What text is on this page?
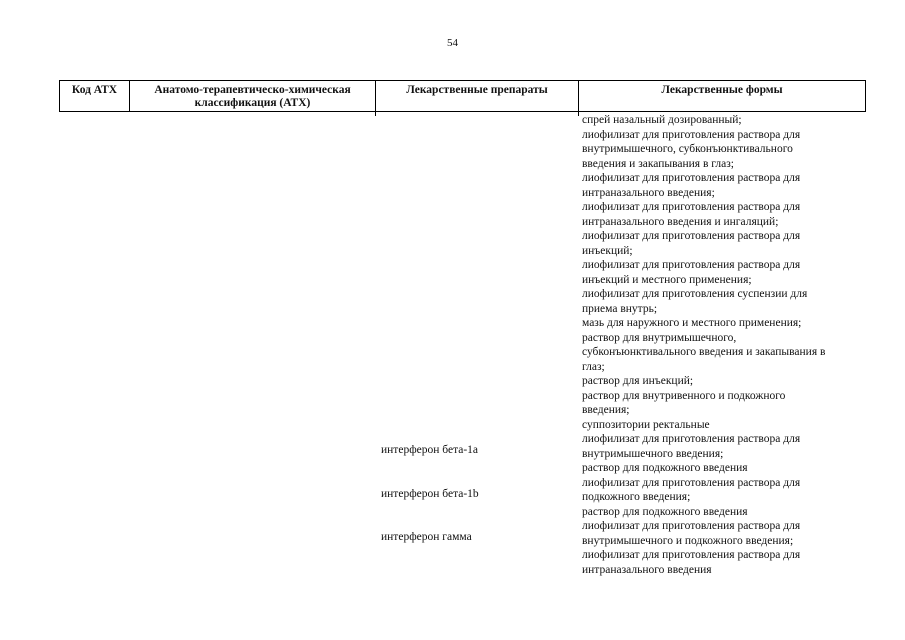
54
Код АТХ	Анатомо-терапевтическо-химическая классификация (АТХ)
Лекарственные препараты	Лекарственные формы
интерферон бета-1a
интерферон бета-1b
интерферон гамма
спрей назальный дозированный;
лиофилизат для приготовления раствора для
внутримышечного, субконъюнктивального
введения и закапывания в глаз;
лиофилизат для приготовления раствора для
интраназального введения;
лиофилизат для приготовления раствора для
интраназального введения и ингаляций;
лиофилизат для приготовления раствора для
инъекций;
лиофилизат для приготовления раствора для
инъекций и местного применения;
лиофилизат для приготовления суспензии для
приема внутрь;
мазь для наружного и местного применения;
раствор для внутримышечного,
субконъюнктивального введения и закапывания в
глаз;
раствор для инъекций;
раствор для внутривенного и подкожного
введения;
суппозитории ректальные
лиофилизат для приготовления раствора для
внутримышечного введения;
раствор для подкожного введения
лиофилизат для приготовления раствора для
подкожного введения;
раствор для подкожного введения
лиофилизат для приготовления раствора для
внутримышечного и подкожного введения;
лиофилизат для приготовления раствора для
интраназального введения
